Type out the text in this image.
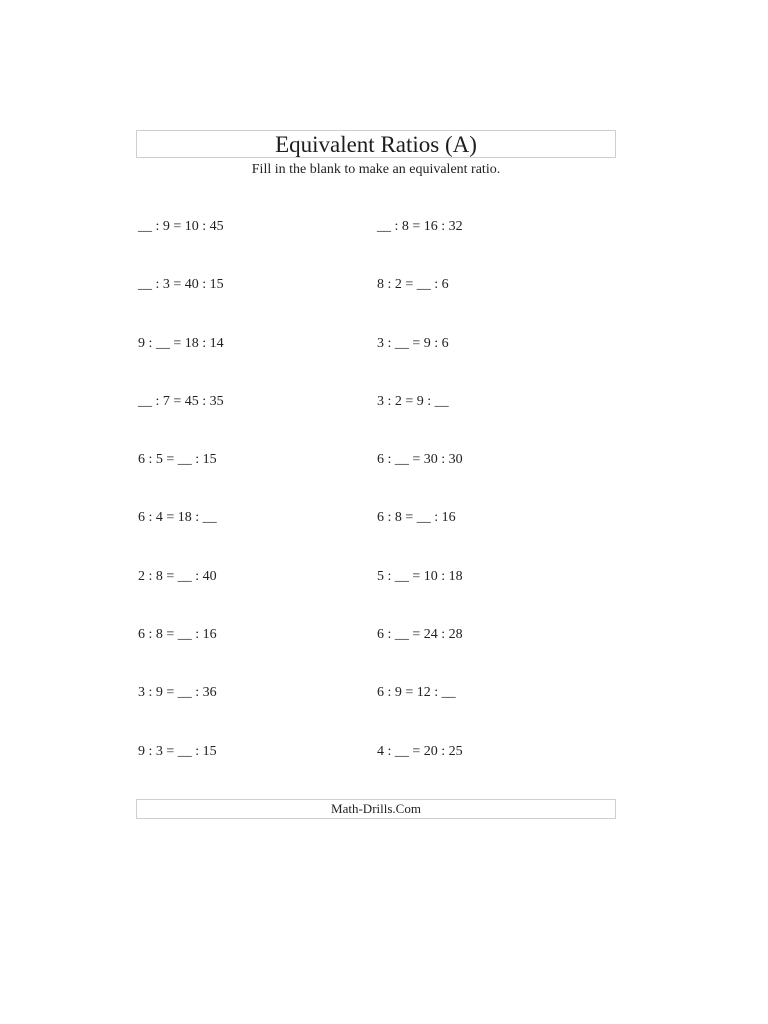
Equivalent Ratios (A)
Fill in the blank to make an equivalent ratio.
__ : 9 = 10 : 45	__ : 8 = 16 : 32
__ : 3 = 40 : 15	8 : 2 = __ : 6
9 : __ = 18 : 14	3 : __ = 9 : 6
__ : 7 = 45 : 35	3 : 2 = 9 : __
6 : 5 = __ : 15	6 : __ = 30 : 30
6 : 4 = 18 : __	6 : 8 = __ : 16
2 : 8 = __ : 40	5 : __ = 10 : 18
6 : 8 = __ : 16	6 : __ = 24 : 28
3 : 9 = __ : 36	6 : 9 = 12 : __
9 : 3 = __ : 15	4 : __ = 20 : 25
Math-Drills.Com
